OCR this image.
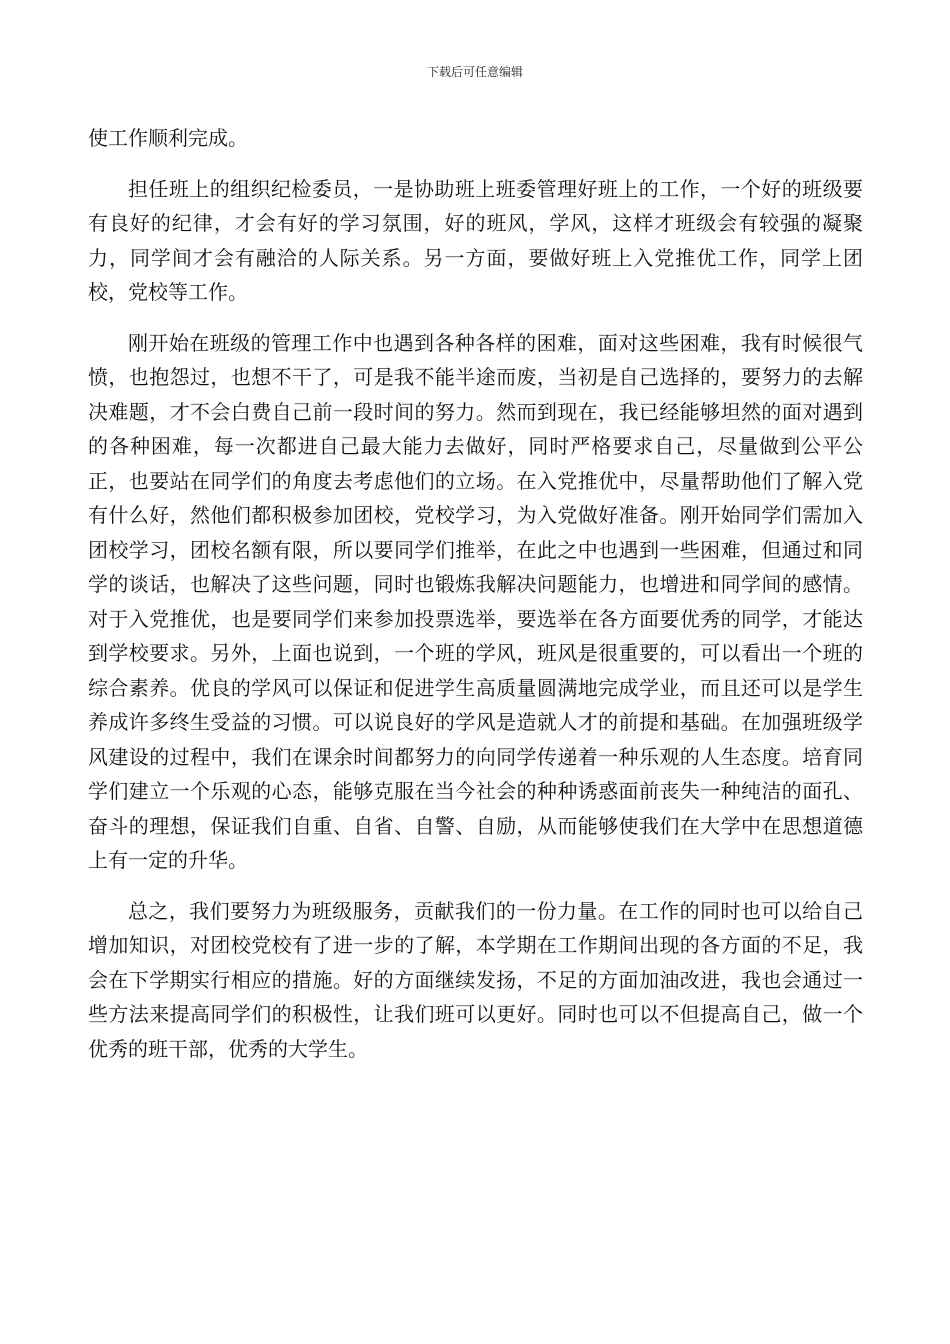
下载后可任意编辑

使工作顺利完成。

担任班上的组织纪检委员，一是协助班上班委管理好班上的工作，一个好的班级要有良好的纪律，才会有好的学习氛围，好的班风，学风，这样才班级会有较强的凝聚力，同学间才会有融洽的人际关系。另一方面，要做好班上入党推优工作，同学上团校，党校等工作。

刚开始在班级的管理工作中也遇到各种各样的困难，面对这些困难，我有时候很气愤，也抱怨过，也想不干了，可是我不能半途而废，当初是自己选择的，要努力的去解决难题，才不会白费自己前一段时间的努力。然而到现在，我已经能够坦然的面对遇到的各种困难，每一次都进自己最大能力去做好，同时严格要求自己，尽量做到公平公正，也要站在同学们的角度去考虑他们的立场。在入党推优中，尽量帮助他们了解入党有什么好，然他们都积极参加团校，党校学习，为入党做好准备。刚开始同学们需加入团校学习，团校名额有限，所以要同学们推举，在此之中也遇到一些困难，但通过和同学的谈话，也解决了这些问题，同时也锻炼我解决问题能力，也增进和同学间的感情。对于入党推优，也是要同学们来参加投票选举，要选举在各方面要优秀的同学，才能达到学校要求。另外，上面也说到，一个班的学风，班风是很重要的，可以看出一个班的综合素养。优良的学风可以保证和促进学生高质量圆满地完成学业，而且还可以是学生养成许多终生受益的习惯。可以说良好的学风是造就人才的前提和基础。在加强班级学风建设的过程中，我们在课余时间都努力的向同学传递着一种乐观的人生态度。培育同学们建立一个乐观的心态，能够克服在当今社会的种种诱惑面前丧失一种纯洁的面孔、奋斗的理想，保证我们自重、自省、自警、自励，从而能够使我们在大学中在思想道德上有一定的升华。

总之，我们要努力为班级服务，贡献我们的一份力量。在工作的同时也可以给自己增加知识，对团校党校有了进一步的了解，本学期在工作期间出现的各方面的不足，我会在下学期实行相应的措施。好的方面继续发扬，不足的方面加油改进，我也会通过一些方法来提高同学们的积极性，让我们班可以更好。同时也可以不但提高自己，做一个优秀的班干部，优秀的大学生。
